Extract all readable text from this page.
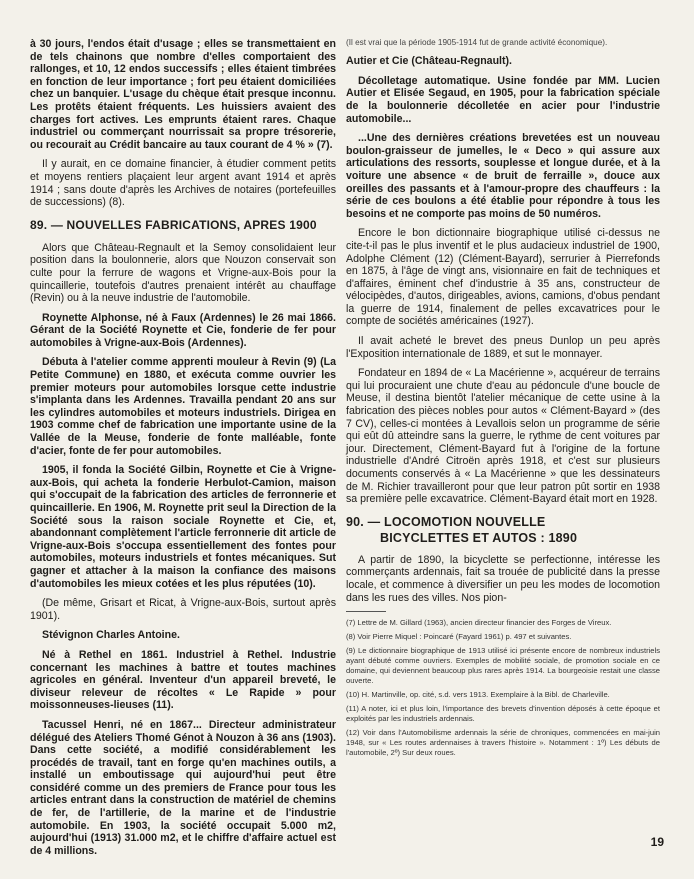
à 30 jours, l'endos était d'usage ; elles se transmettaient en de tels chainons que nombre d'elles comportaient des rallonges, et 10, 12 endos successifs ; elles étaient timbrées en fonction de leur importance ; fort peu étaient domiciliées chez un banquier. L'usage du chèque était presque inconnu. Les protêts étaient fréquents. Les huissiers avaient des charges fort actives. Les emprunts étaient rares. Chaque industriel ou commerçant nourrissait sa propre trésorerie, ou recourait au Crédit bancaire au taux courant de 4 % » (7).

Il y aurait, en ce domaine financier, à étudier comment petits et moyens rentiers plaçaient leur argent avant 1914 et après 1914 ; sans doute d'après les Archives de notaires (portefeuilles de successions) (8).

89. — NOUVELLES FABRICATIONS, APRES 1900

Alors que Château-Regnault et la Semoy consolidaient leur position dans la boulonnerie, alors que Nouzon conservait son culte pour la ferrure de wagons et Vrigne-aux-Bois pour la quincaillerie, toutefois d'autres prenaient intérêt au chauffage (Revin) ou à la neuve industrie de l'automobile.

Roynette Alphonse, né à Faux (Ardennes) le 26 mai 1866. Gérant de la Société Roynette et Cie, fonderie de fer pour automobiles à Vrigne-aux-Bois (Ardennes).

Débuta à l'atelier comme apprenti mouleur à Revin (9) (La Petite Commune) en 1880, et exécuta comme ouvrier les premier moteurs pour automobiles lorsque cette industrie s'implanta dans les Ardennes. Travailla pendant 20 ans sur les cylindres automobiles et moteurs industriels. Dirigea en 1903 comme chef de fabrication une importante usine de la Vallée de la Meuse, fonderie de fonte malléable, fonte d'acier, fonte de fer pour automobiles.

1905, il fonda la Société Gilbin, Roynette et Cie à Vrigne-aux-Bois, qui acheta la fonderie Herbulot-Camion, maison qui s'occupait de la fabrication des articles de ferronnerie et quincaillerie. En 1906, M. Roynette prit seul la Direction de la Société sous la raison sociale Roynette et Cie, et, abandonnant complètement l'article ferronnerie dit article de Vrigne-aux-Bois s'occupa essentiellement des fontes pour automobiles, moteurs industriels et fontes mécaniques. Sut gagner et attacher à la maison la confiance des maisons d'automobiles les mieux cotées et les plus réputées (10).

(De même, Grisart et Ricat, à Vrigne-aux-Bois, surtout après 1901).

Stévignon Charles Antoine.

Né à Rethel en 1861. Industriel à Rethel. Industrie concernant les machines à battre et toutes machines agricoles en général. Inventeur d'un appareil breveté, le diviseur releveur de récoltes « Le Rapide » pour moissonneuses-lieuses (11).

Tacussel Henri, né en 1867... Directeur administrateur délégué des Ateliers Thomé Génot à Nouzon à 36 ans (1903). Dans cette société, a modifié considérablement les procédés de travail, tant en forge qu'en machines outils, a installé un emboutissage qui aujourd'hui peut être considéré comme un des premiers de France pour tous les articles entrant dans la construction de matériel de chemins de fer, de l'artillerie, de la marine et de l'industrie automobile. En 1903, la société occupait 5.000 m2, aujourd'hui (1913) 31.000 m2, et le chiffre d'affaire actuel est de 4 millions.

(Il est vrai que la période 1905-1914 fut de grande activité économique).

Autier et Cie (Château-Regnault).

Décolletage automatique. Usine fondée par MM. Lucien Autier et Elisée Segaud, en 1905, pour la fabrication spéciale de la boulonnerie décolletée en acier pour l'industrie automobile...

...Une des dernières créations brevetées est un nouveau boulon-graisseur de jumelles, le « Deco » qui assure aux articulations des ressorts, souplesse et longue durée, et à la voiture une absence « de bruit de ferraille », douce aux oreilles des passants et à l'amour-propre des chauffeurs : la série de ces boulons a été établie pour répondre à tous les besoins et ne comporte pas moins de 50 numéros.

Encore le bon dictionnaire biographique utilisé ci-dessus ne cite-t-il pas le plus inventif et le plus audacieux industriel de 1900, Adolphe Clément (12) (Clément-Bayard), serrurier à Pierrefonds en 1875, à l'âge de vingt ans, visionnaire en fait de techniques et d'affaires, éminent chef d'industrie à 35 ans, constructeur de vélocipèdes, d'autos, dirigeables, avions, camions, d'obus pendant la guerre de 1914, finalement de pelles excavatrices pour le compte de sociétés américaines (1927).

Il avait acheté le brevet des pneus Dunlop un peu après l'Exposition internationale de 1889, et sut le monnayer.

Fondateur en 1894 de « La Macérienne », acquéreur de terrains qui lui procuraient une chute d'eau au pédoncule d'une boucle de Meuse, il destina bientôt l'atelier mécanique de cette usine à la fabrication des pièces nobles pour autos « Clément-Bayard » (des 7 CV), celles-ci montées à Levallois selon un programme de série qui eût dû atteindre sans la guerre, le rythme de cent voitures par jour. Directement, Clément-Bayard fut à l'origine de la fortune industrielle d'André Citroën après 1918, et c'est sur plusieurs documents conservés à « La Macérienne » que les dessinateurs de M. Richier travailleront pour que leur patron pût sortir en 1938 sa première pelle excavatrice. Clément-Bayard était mort en 1928.

90. — LOCOMOTION NOUVELLE
BICYCLETTES ET AUTOS : 1890

A partir de 1890, la bicyclette se perfectionne, intéresse les commerçants ardennais, fait sa trouée de publicité dans la presse locale, et commence à diversifier un peu les modes de locomotion dans les rues des villes. Nos pion-

(7) Lettre de M. Gillard (1963), ancien directeur financier des Forges de Vireux.

(8) Voir Pierre Miquel : Poincaré (Fayard 1961) p. 497 et suivantes.

(9) Le dictionnaire biographique de 1913 utilisé ici présente encore de nombreux industriels ayant débuté comme ouvriers. Exemples de mobilité sociale, de promotion sociale en ce domaine, qui deviennent beaucoup plus rares après 1914. La bourgeoisie restait une classe ouverte.

(10) H. Martinville, op. cité, s.d. vers 1913. Exemplaire à la Bibl. de Charleville.

(11) A noter, ici et plus loin, l'importance des brevets d'invention déposés à cette époque et exploités par les industriels ardennais.

(12) Voir dans l'Automobilisme ardennais la série de chroniques, commencées en mai-juin 1948, sur « Les routes ardennaises à travers l'histoire ». Notamment : 1º) Les débuts de l'automobile, 2º) Sur deux roues.

19
